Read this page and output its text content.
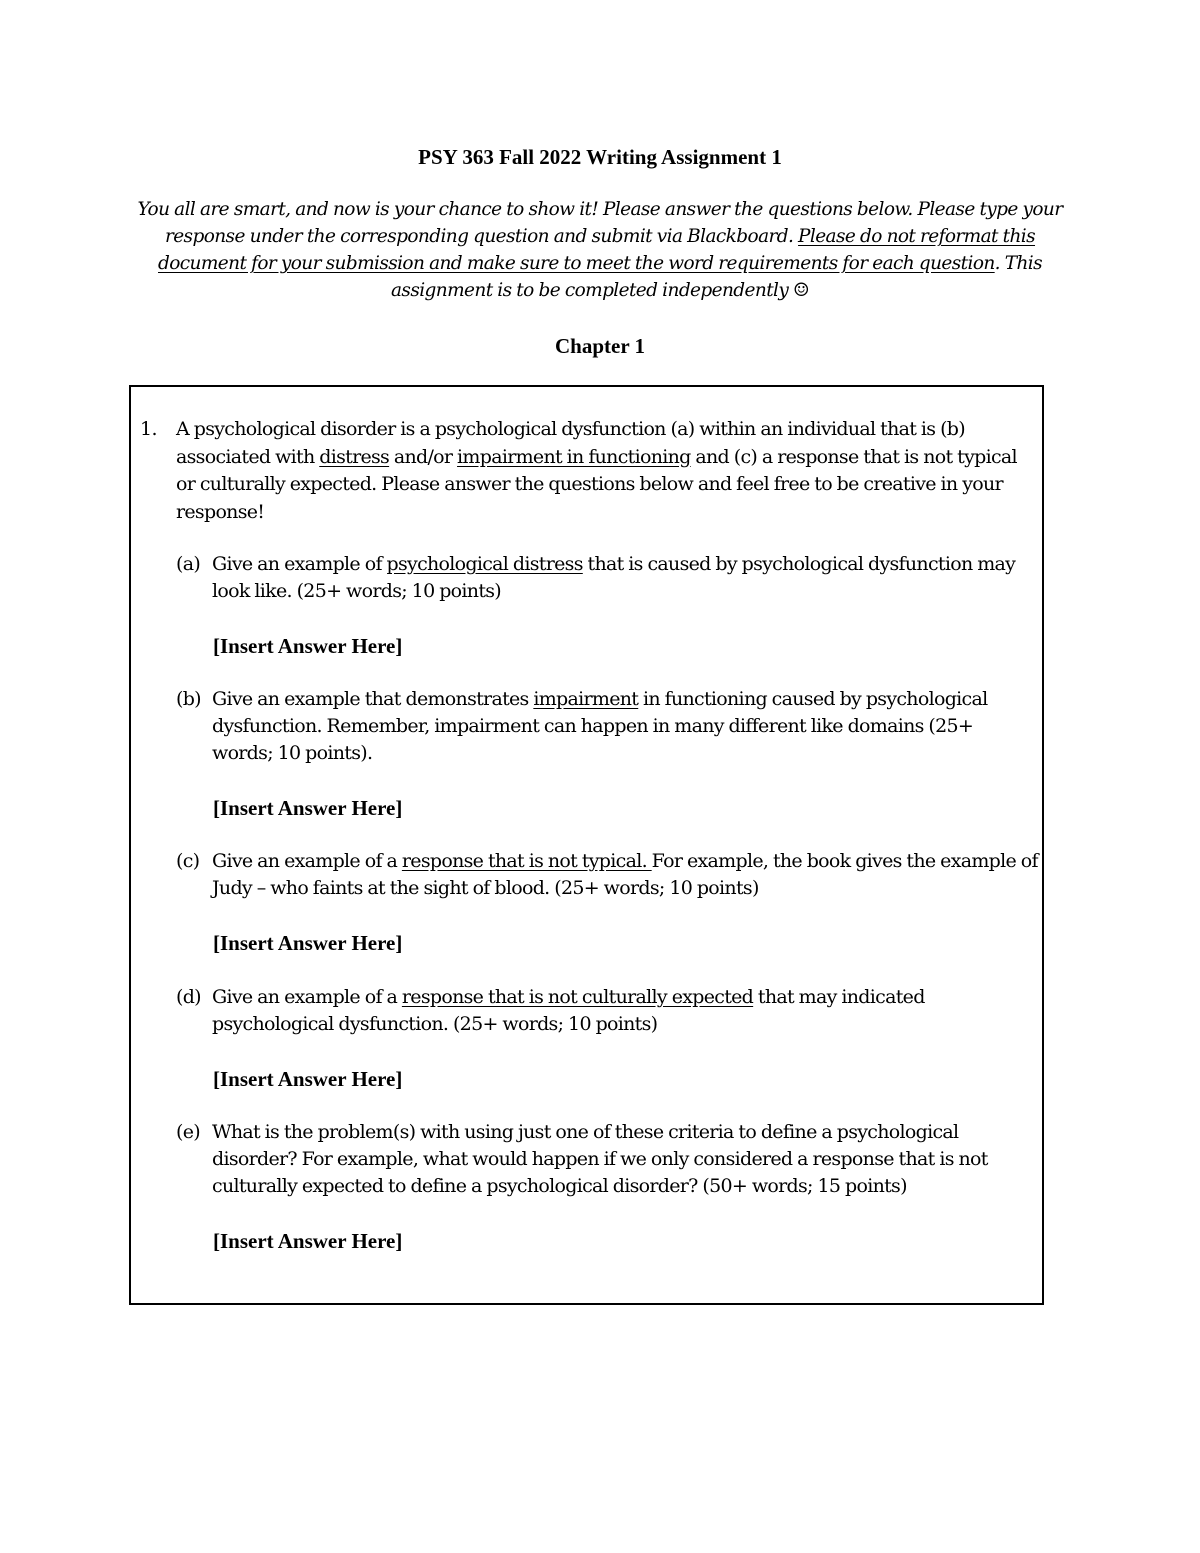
PSY 363 Fall 2022 Writing Assignment 1
You all are smart, and now is your chance to show it! Please answer the questions below. Please type your response under the corresponding question and submit via Blackboard. Please do not reformat this document for your submission and make sure to meet the word requirements for each question. This assignment is to be completed independently ☺
Chapter 1
1. A psychological disorder is a psychological dysfunction (a) within an individual that is (b) associated with distress and/or impairment in functioning and (c) a response that is not typical or culturally expected. Please answer the questions below and feel free to be creative in your response!
(a) Give an example of psychological distress that is caused by psychological dysfunction may look like. (25+ words; 10 points)
[Insert Answer Here]
(b) Give an example that demonstrates impairment in functioning caused by psychological dysfunction. Remember, impairment can happen in many different like domains (25+ words; 10 points).
[Insert Answer Here]
(c) Give an example of a response that is not typical. For example, the book gives the example of Judy – who faints at the sight of blood. (25+ words; 10 points)
[Insert Answer Here]
(d) Give an example of a response that is not culturally expected that may indicated psychological dysfunction. (25+ words; 10 points)
[Insert Answer Here]
(e) What is the problem(s) with using just one of these criteria to define a psychological disorder? For example, what would happen if we only considered a response that is not culturally expected to define a psychological disorder? (50+ words; 15 points)
[Insert Answer Here]
